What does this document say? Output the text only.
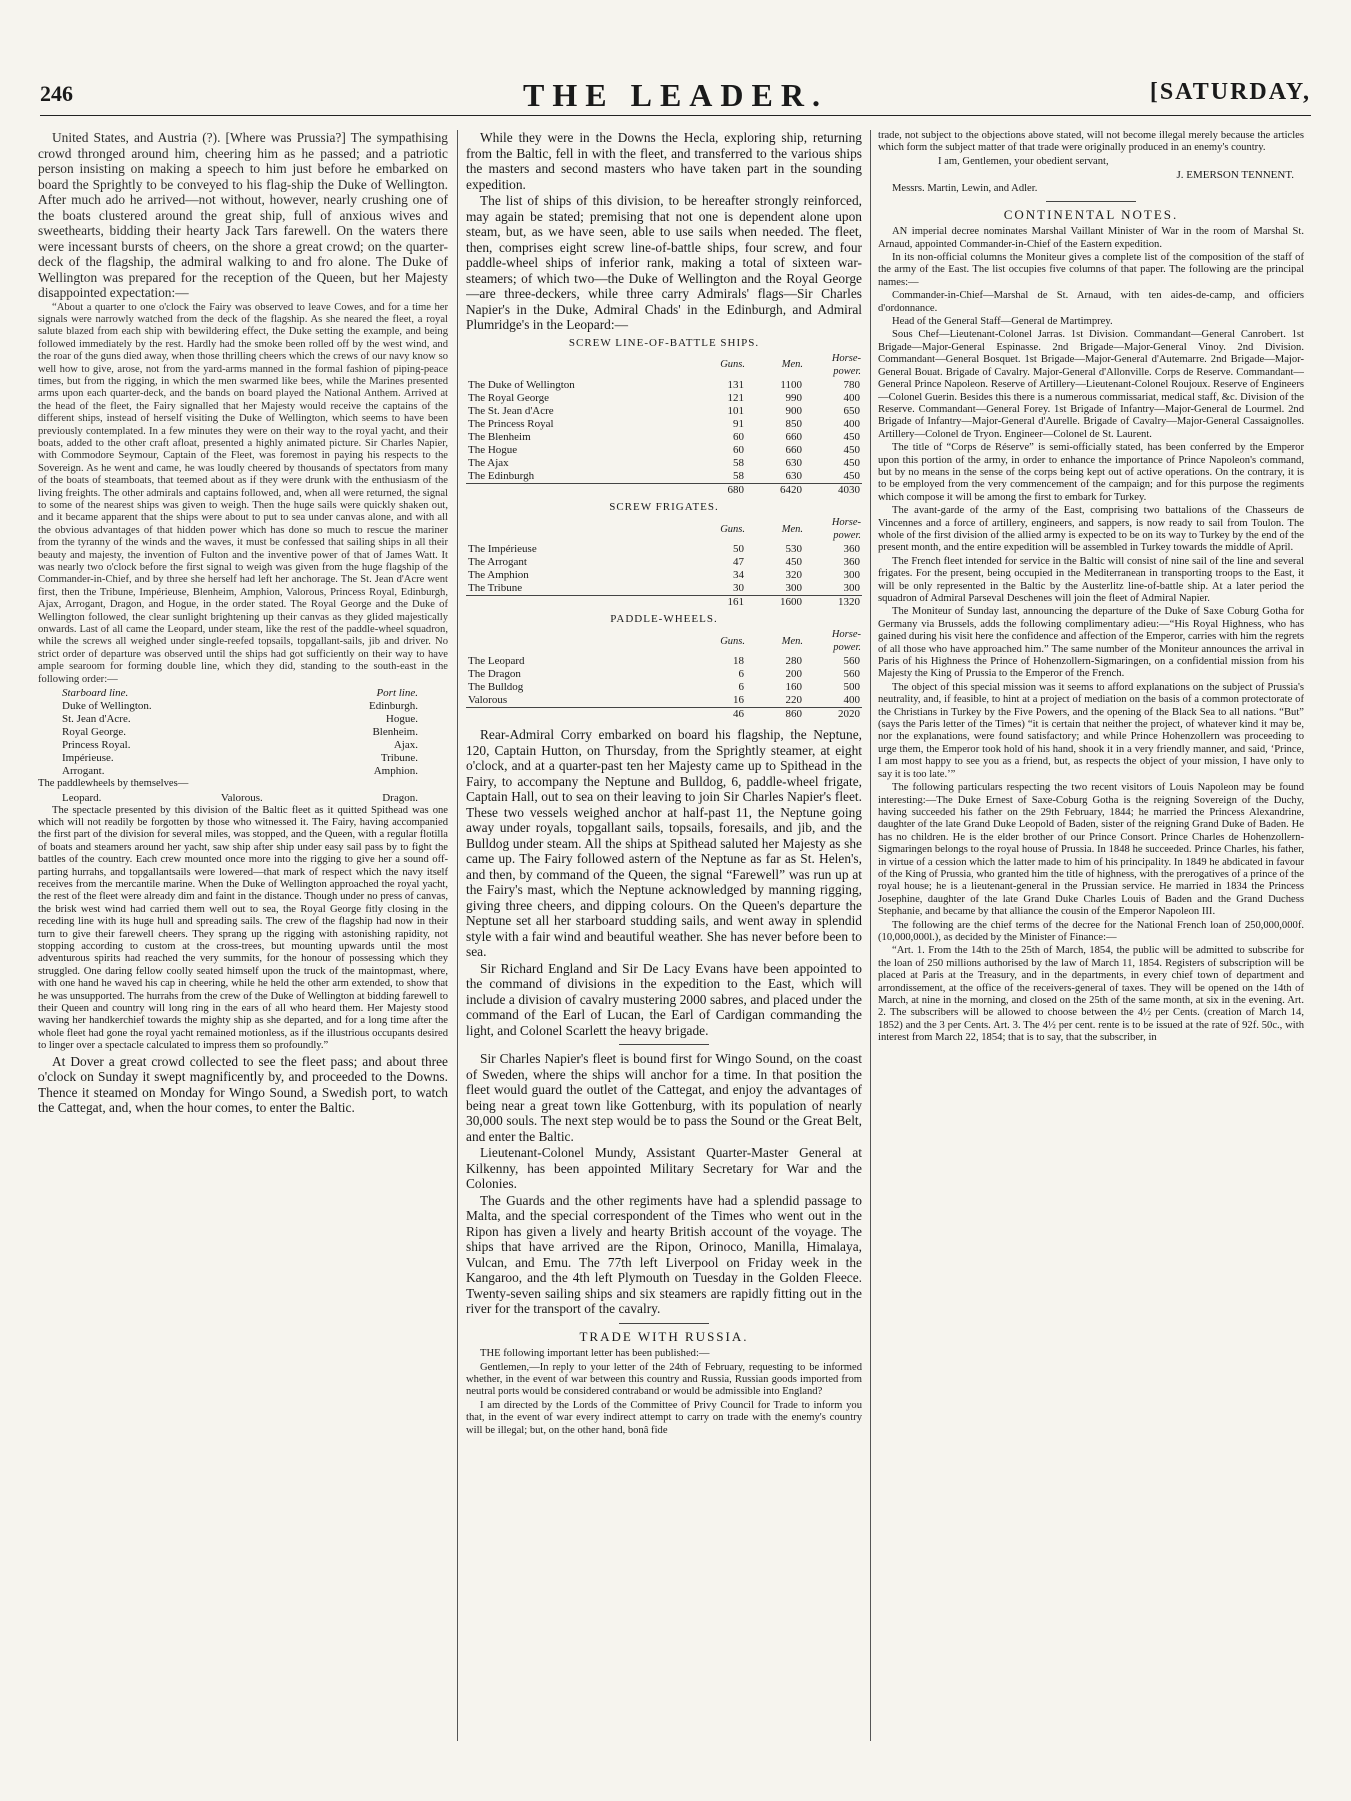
246	THE LEADER.	[SATURDAY,

United States, and Austria (?). [Where was Prussia?] The sympathising crowd thronged around him, cheering him as he passed; and a patriotic person insisting on making a speech to him just before he embarked on board the Sprightly to be conveyed to his flag-ship the Duke of Wellington. After much ado he arrived—not without, however, nearly crushing one of the boats clustered around the great ship, full of anxious wives and sweethearts, bidding their hearty Jack Tars farewell. On the waters there were incessant bursts of cheers, on the shore a great crowd; on the quarter-deck of the flagship, the admiral walking to and fro alone. The Duke of Wellington was prepared for the reception of the Queen, but her Majesty disappointed expectation:—

“About a quarter to one o'clock the Fairy was observed to leave Cowes, and for a time her signals were narrowly watched from the deck of the flagship. As she neared the fleet, a royal salute blazed from each ship with bewildering effect, the Duke setting the example, and being followed immediately by the rest. Hardly had the smoke been rolled off by the west wind, and the roar of the guns died away, when those thrilling cheers which the crews of our navy know so well how to give, arose, not from the yard-arms manned in the formal fashion of piping-peace times, but from the rigging, in which the men swarmed like bees, while the Marines presented arms upon each quarter-deck, and the bands on board played the National Anthem. Arrived at the head of the fleet, the Fairy signalled that her Majesty would receive the captains of the different ships, instead of herself visiting the Duke of Wellington, which seems to have been previously contemplated. In a few minutes they were on their way to the royal yacht, and their boats, added to the other craft afloat, presented a highly animated picture. Sir Charles Napier, with Commodore Seymour, Captain of the Fleet, was foremost in paying his respects to the Sovereign. As he went and came, he was loudly cheered by thousands of spectators from many of the boats of steamboats, that teemed about as if they were drunk with the enthusiasm of the living freights. The other admirals and captains followed, and, when all were returned, the signal to some of the nearest ships was given to weigh. Then the huge sails were quickly shaken out, and it became apparent that the ships were about to put to sea under canvas alone, and with all the obvious advantages of that hidden power which has done so much to rescue the mariner from the tyranny of the winds and the waves, it must be confessed that sailing ships in all their beauty and majesty, the invention of Fulton and the inventive power of that of James Watt. It was nearly two o'clock before the first signal to weigh was given from the huge flagship of the Commander-in-Chief, and by three she herself had left her anchorage. The St. Jean d'Acre went first, then the Tribune, Impérieuse, Blenheim, Amphion, Valorous, Princess Royal, Edinburgh, Ajax, Arrogant, Dragon, and Hogue, in the order stated. The Royal George and the Duke of Wellington followed, the clear sunlight brightening up their canvas as they glided majestically onwards. Last of all came the Leopard, under steam, like the rest of the paddle-wheel squadron, while the screws all weighed under single-reefed topsails, topgallant-sails, jib and driver. No strict order of departure was observed until the ships had got sufficiently on their way to have ample searoom for forming double line, which they did, standing to the south-east in the following order:—

Starboard line.	Port line.
Duke of Wellington.	Edinburgh.
St. Jean d'Acre.	Hogue.
Royal George.	Blenheim.
Princess Royal.	Ajax.
Impérieuse.	Tribune.
Arrogant.	Amphion.

The paddlewheels by themselves—

Leopard.	Valorous.	Dragon.

The spectacle presented by this division of the Baltic fleet as it quitted Spithead was one which will not readily be forgotten by those who witnessed it. The Fairy, having accompanied the first part of the division for several miles, was stopped, and the Queen, with a regular flotilla of boats and steamers around her yacht, saw ship after ship under easy sail pass by to fight the battles of the country. Each crew mounted once more into the rigging to give her a sound off-parting hurrahs, and topgallantsails were lowered—that mark of respect which the navy itself receives from the mercantile marine. When the Duke of Wellington approached the royal yacht, the rest of the fleet were already dim and faint in the distance. Though under no press of canvas, the brisk west wind had carried them well out to sea, the Royal George fitly closing in the receding line with its huge hull and spreading sails. The crew of the flagship had now in their turn to give their farewell cheers. They sprang up the rigging with astonishing rapidity, not stopping according to custom at the cross-trees, but mounting upwards until the most adventurous spirits had reached the very summits, for the honour of possessing which they struggled. One daring fellow coolly seated himself upon the truck of the maintopmast, where, with one hand he waved his cap in cheering, while he held the other arm extended, to show that he was unsupported. The hurrahs from the crew of the Duke of Wellington at bidding farewell to their Queen and country will long ring in the ears of all who heard them. Her Majesty stood waving her handkerchief towards the mighty ship as she departed, and for a long time after the whole fleet had gone the royal yacht remained motionless, as if the illustrious occupants desired to linger over a spectacle calculated to impress them so profoundly.”

At Dover a great crowd collected to see the fleet pass; and about three o'clock on Sunday it swept magnificently by, and proceeded to the Downs. Thence it steamed on Monday for Wingo Sound, a Swedish port, to watch the Cattegat, and, when the hour comes, to enter the Baltic.

While they were in the Downs the Hecla, exploring ship, returning from the Baltic, fell in with the fleet, and transferred to the various ships the masters and second masters who have taken part in the sounding expedition.

The list of ships of this division, to be hereafter strongly reinforced, may again be stated; premising that not one is dependent alone upon steam, but, as we have seen, able to use sails when needed. The fleet, then, comprises eight screw line-of-battle ships, four screw, and four paddle-wheel ships of inferior rank, making a total of sixteen war-steamers; of which two—the Duke of Wellington and the Royal George—are three-deckers, while three carry Admirals' flags—Sir Charles Napier's in the Duke, Admiral Chads' in the Edinburgh, and Admiral Plumridge's in the Leopard:—

SCREW LINE-OF-BATTLE SHIPS.
	Guns.	Men.	Horse-power.
The Duke of Wellington	131	1100	780
The Royal George	121	990	400
The St. Jean d'Acre	101	900	650
The Princess Royal	91	850	400
The Blenheim	60	660	450
The Hogue	60	660	450
The Ajax	58	630	450
The Edinburgh	58	630	450
	680	6420	4030
SCREW FRIGATES.
	Guns.	Men.	Horse-power.
The Impérieuse	50	530	360
The Arrogant	47	450	360
The Amphion	34	320	300
The Tribune	30	300	300
	161	1600	1320
PADDLE-WHEELS.
	Guns.	Men.	Horse-power.
The Leopard	18	280	560
The Dragon	6	200	560
The Bulldog	6	160	500
Valorous	16	220	400
	46	860	2020

Rear-Admiral Corry embarked on board his flagship, the Neptune, 120, Captain Hutton, on Thursday, from the Sprightly steamer, at eight o'clock, and at a quarter-past ten her Majesty came up to Spithead in the Fairy, to accompany the Neptune and Bulldog, 6, paddle-wheel frigate, Captain Hall, out to sea on their leaving to join Sir Charles Napier's fleet. These two vessels weighed anchor at half-past 11, the Neptune going away under royals, topgallant sails, topsails, foresails, and jib, and the Bulldog under steam. All the ships at Spithead saluted her Majesty as she came up. The Fairy followed astern of the Neptune as far as St. Helen's, and then, by command of the Queen, the signal “Farewell” was run up at the Fairy's mast, which the Neptune acknowledged by manning rigging, giving three cheers, and dipping colours. On the Queen's departure the Neptune set all her starboard studding sails, and went away in splendid style with a fair wind and beautiful weather. She has never before been to sea.

Sir Richard England and Sir De Lacy Evans have been appointed to the command of divisions in the expedition to the East, which will include a division of cavalry mustering 2000 sabres, and placed under the command of the Earl of Lucan, the Earl of Cardigan commanding the light, and Colonel Scarlett the heavy brigade.

Sir Charles Napier's fleet is bound first for Wingo Sound, on the coast of Sweden, where the ships will anchor for a time. In that position the fleet would guard the outlet of the Cattegat, and enjoy the advantages of being near a great town like Gottenburg, with its population of nearly 30,000 souls. The next step would be to pass the Sound or the Great Belt, and enter the Baltic.

Lieutenant-Colonel Mundy, Assistant Quarter-Master General at Kilkenny, has been appointed Military Secretary for War and the Colonies.

The Guards and the other regiments have had a splendid passage to Malta, and the special correspondent of the Times who went out in the Ripon has given a lively and hearty British account of the voyage. The ships that have arrived are the Ripon, Orinoco, Manilla, Himalaya, Vulcan, and Emu. The 77th left Liverpool on Friday week in the Kangaroo, and the 4th left Plymouth on Tuesday in the Golden Fleece. Twenty-seven sailing ships and six steamers are rapidly fitting out in the river for the transport of the cavalry.

TRADE WITH RUSSIA.

THE following important letter has been published:—

Gentlemen,—In reply to your letter of the 24th of February, requesting to be informed whether, in the event of war between this country and Russia, Russian goods imported from neutral ports would be considered contraband or would be admissible into England?

I am directed by the Lords of the Committee of Privy Council for Trade to inform you that, in the event of war every indirect attempt to carry on trade with the enemy's country will be illegal; but, on the other hand, bonâ fide

trade, not subject to the objections above stated, will not become illegal merely because the articles which form the subject matter of that trade were originally produced in an enemy's country.

I am, Gentlemen, your obedient servant,

J. EMERSON TENNENT.

Messrs. Martin, Lewin, and Adler.

CONTINENTAL NOTES.

AN imperial decree nominates Marshal Vaillant Minister of War in the room of Marshal St. Arnaud, appointed Commander-in-Chief of the Eastern expedition.

In its non-official columns the Moniteur gives a complete list of the composition of the staff of the army of the East. The list occupies five columns of that paper. The following are the principal names:—

Commander-in-Chief—Marshal de St. Arnaud, with ten aides-de-camp, and officiers d'ordonnance.

Head of the General Staff—General de Martimprey.

Sous Chef—Lieutenant-Colonel Jarras. 1st Division. Commandant—General Canrobert. 1st Brigade—Major-General Espinasse. 2nd Brigade—Major-General Vinoy. 2nd Division. Commandant—General Bosquet. 1st Brigade—Major-General d'Autemarre. 2nd Brigade—Major-General Bouat. Brigade of Cavalry. Major-General d'Allonville. Corps de Reserve. Commandant—General Prince Napoleon. Reserve of Artillery—Lieutenant-Colonel Roujoux. Reserve of Engineers—Colonel Guerin. Besides this there is a numerous commissariat, medical staff, &c. Division of the Reserve. Commandant—General Forey. 1st Brigade of Infantry—Major-General de Lourmel. 2nd Brigade of Infantry—Major-General d'Aurelle. Brigade of Cavalry—Major-General Cassaignolles. Artillery—Colonel de Tryon. Engineer—Colonel de St. Laurent.

The title of “Corps de Réserve” is semi-officially stated, has been conferred by the Emperor upon this portion of the army, in order to enhance the importance of Prince Napoleon's command, but by no means in the sense of the corps being kept out of active operations. On the contrary, it is to be employed from the very commencement of the campaign; and for this purpose the regiments which compose it will be among the first to embark for Turkey.

The avant-garde of the army of the East, comprising two battalions of the Chasseurs de Vincennes and a force of artillery, engineers, and sappers, is now ready to sail from Toulon. The whole of the first division of the allied army is expected to be on its way to Turkey by the end of the present month, and the entire expedition will be assembled in Turkey towards the middle of April.

The French fleet intended for service in the Baltic will consist of nine sail of the line and several frigates. For the present, being occupied in the Mediterranean in transporting troops to the East, it will be only represented in the Baltic by the Austerlitz line-of-battle ship. At a later period the squadron of Admiral Parseval Deschenes will join the fleet of Admiral Napier.

The Moniteur of Sunday last, announcing the departure of the Duke of Saxe Coburg Gotha for Germany via Brussels, adds the following complimentary adieu:—“His Royal Highness, who has gained during his visit here the confidence and affection of the Emperor, carries with him the regrets of all those who have approached him.” The same number of the Moniteur announces the arrival in Paris of his Highness the Prince of Hohenzollern-Sigmaringen, on a confidential mission from his Majesty the King of Prussia to the Emperor of the French.

The object of this special mission was it seems to afford explanations on the subject of Prussia's neutrality, and, if feasible, to hint at a project of mediation on the basis of a common protectorate of the Christians in Turkey by the Five Powers, and the opening of the Black Sea to all nations. “But” (says the Paris letter of the Times) “it is certain that neither the project, of whatever kind it may be, nor the explanations, were found satisfactory; and while Prince Hohenzollern was proceeding to urge them, the Emperor took hold of his hand, shook it in a very friendly manner, and said, ‘Prince, I am most happy to see you as a friend, but, as respects the object of your mission, I have only to say it is too late.’”

The following particulars respecting the two recent visitors of Louis Napoleon may be found interesting:—The Duke Ernest of Saxe-Coburg Gotha is the reigning Sovereign of the Duchy, having succeeded his father on the 29th February, 1844; he married the Princess Alexandrine, daughter of the late Grand Duke Leopold of Baden, sister of the reigning Grand Duke of Baden. He has no children. He is the elder brother of our Prince Consort. Prince Charles de Hohenzollern-Sigmaringen belongs to the royal house of Prussia. In 1848 he succeeded. Prince Charles, his father, in virtue of a cession which the latter made to him of his principality. In 1849 he abdicated in favour of the King of Prussia, who granted him the title of highness, with the prerogatives of a prince of the royal house; he is a lieutenant-general in the Prussian service. He married in 1834 the Princess Josephine, daughter of the late Grand Duke Charles Louis of Baden and the Grand Duchess Stephanie, and became by that alliance the cousin of the Emperor Napoleon III.

The following are the chief terms of the decree for the National French loan of 250,000,000f. (10,000,000l.), as decided by the Minister of Finance:—

“Art. 1. From the 14th to the 25th of March, 1854, the public will be admitted to subscribe for the loan of 250 millions authorised by the law of March 11, 1854. Registers of subscription will be placed at Paris at the Treasury, and in the departments, in every chief town of department and arrondissement, at the office of the receivers-general of taxes. They will be opened on the 14th of March, at nine in the morning, and closed on the 25th of the same month, at six in the evening. Art. 2. The subscribers will be allowed to choose between the 4½ per Cents. (creation of March 14, 1852) and the 3 per Cents. Art. 3. The 4½ per cent. rente is to be issued at the rate of 92f. 50c., with interest from March 22, 1854; that is to say, that the subscriber, in
